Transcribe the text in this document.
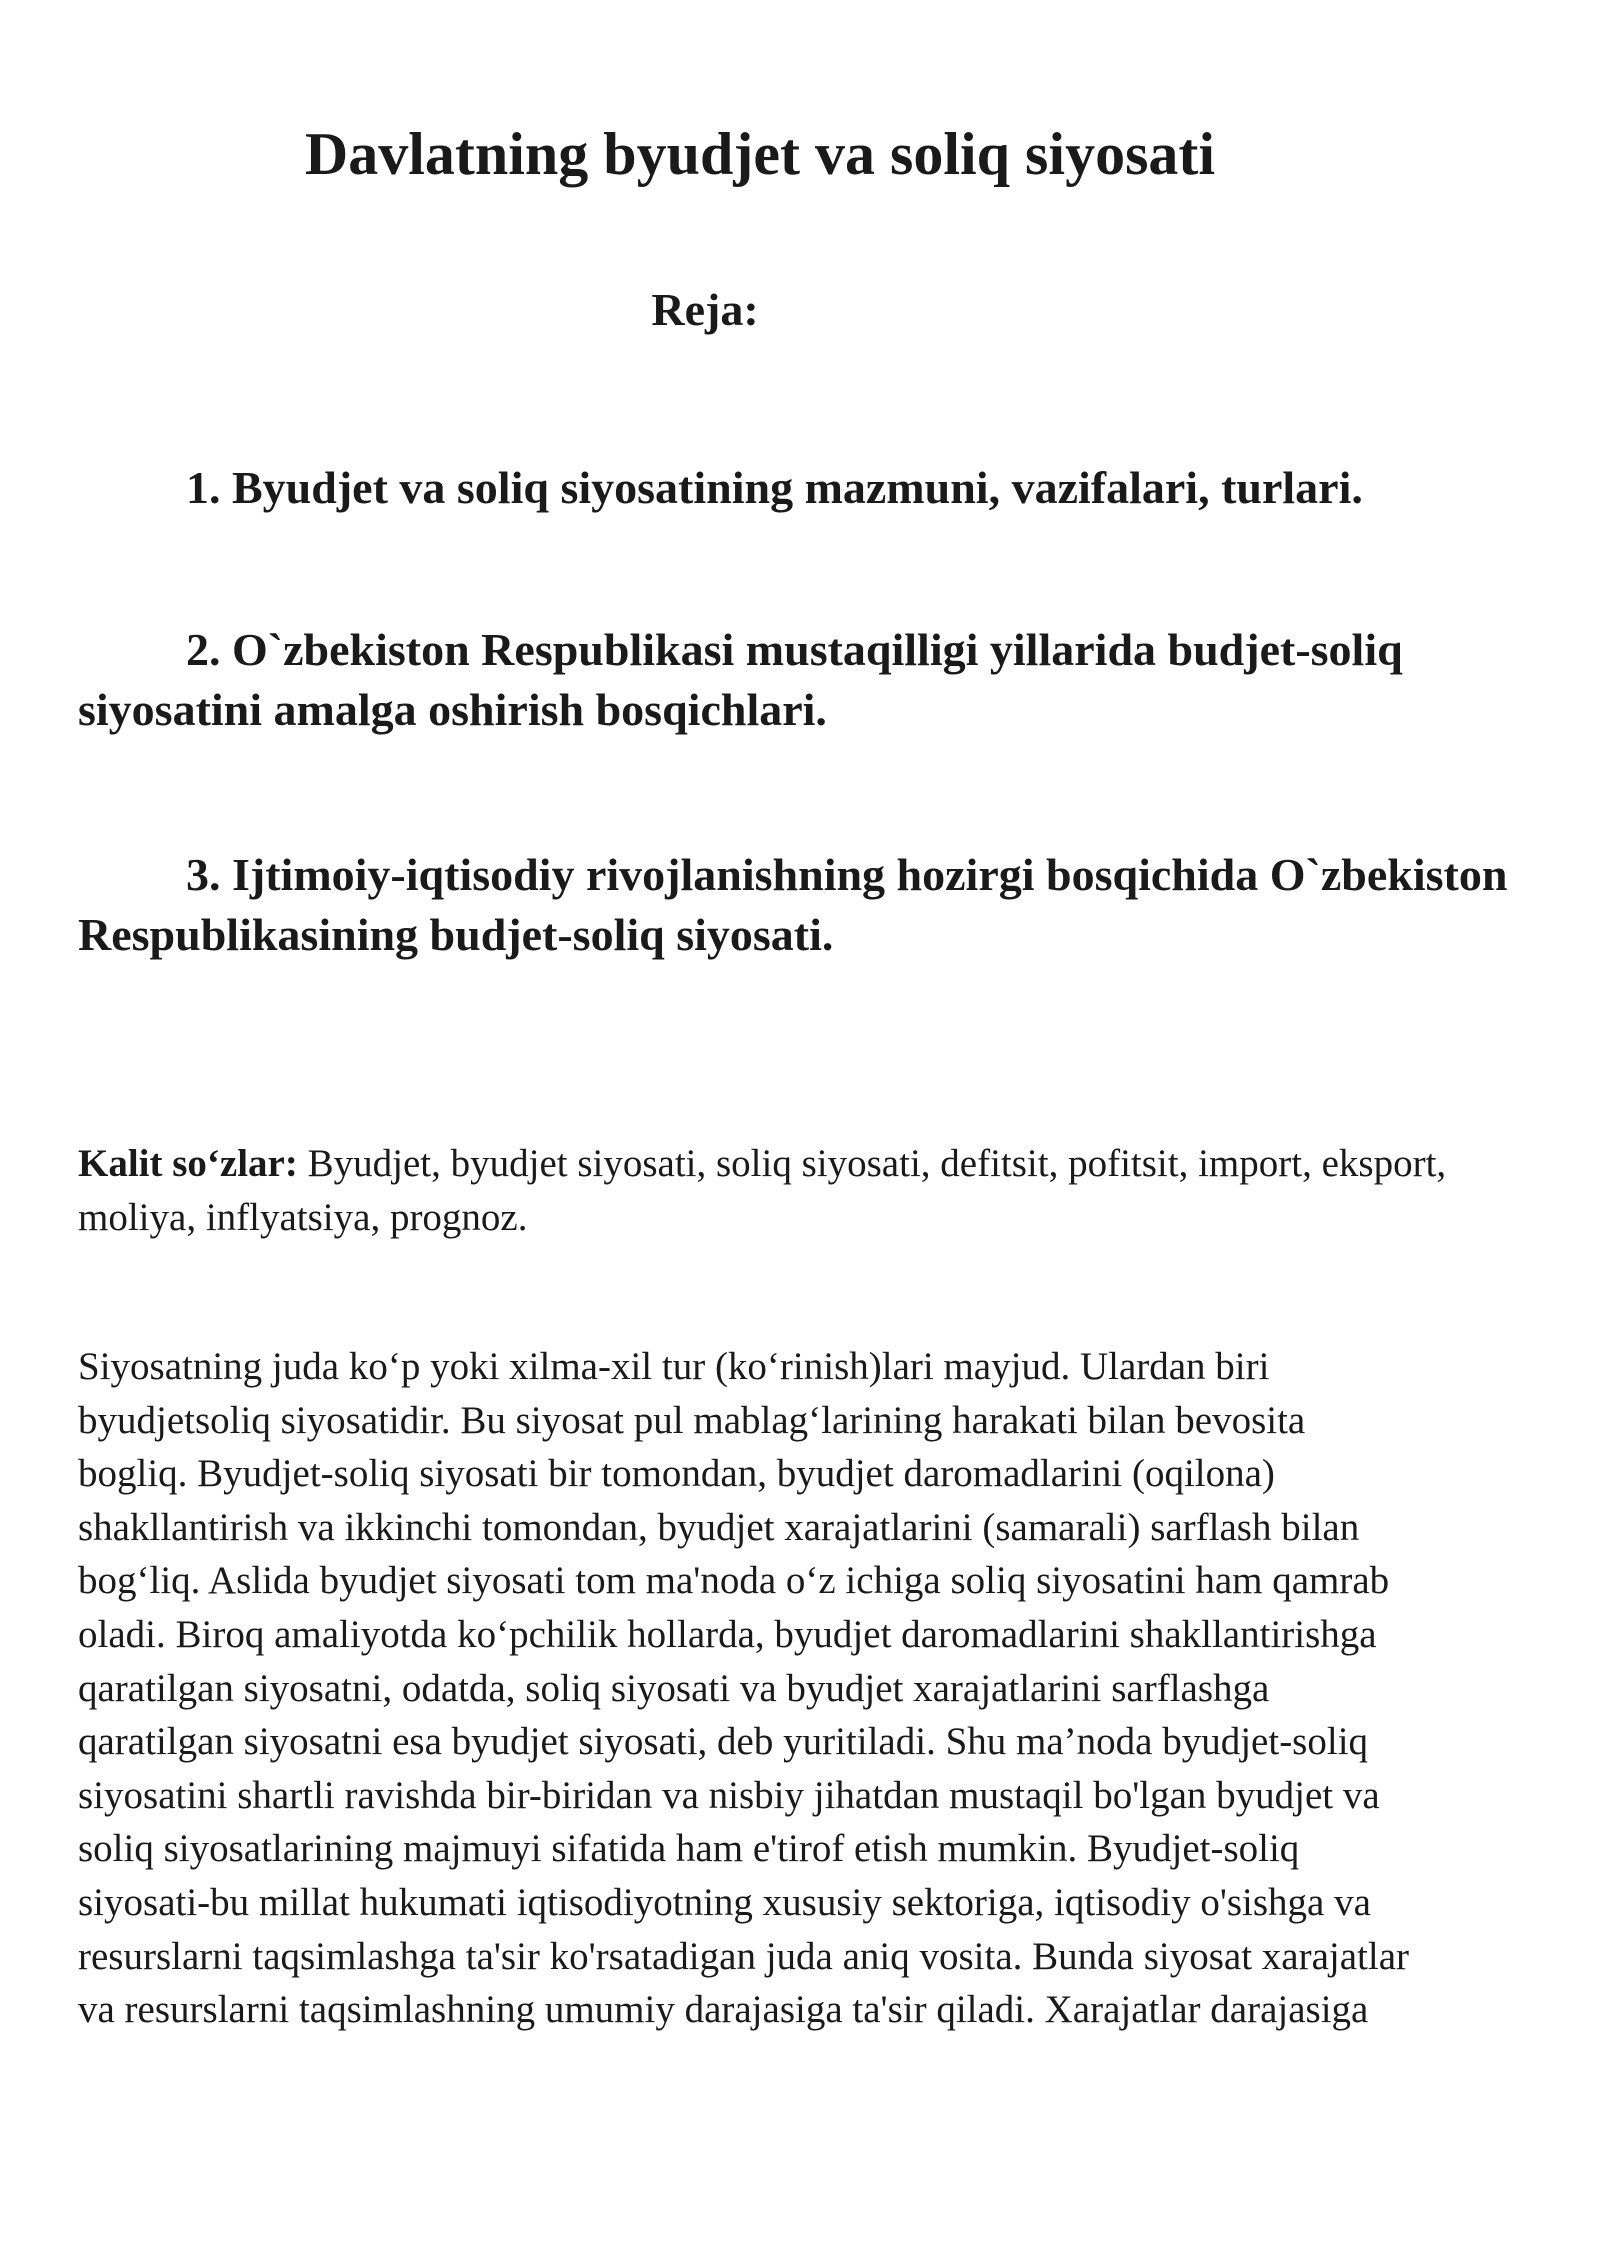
Davlatning byudjet va soliq siyosati
Reja:

1. Byudjet va soliq siyosatining mazmuni, vazifalari, turlari.

2. O`zbekiston Respublikasi mustaqilligi yillarida budjet-soliq siyosatini amalga oshirish bosqichlari.

3. Ijtimoiy-iqtisodiy rivojlanishning hozirgi bosqichida O`zbekiston Respublikasining budjet-soliq siyosati.

Kalit so‘zlar: Byudjet, byudjet siyosati, soliq siyosati, defitsit, pofitsit, import, eksport, moliya, inflyatsiya, prognoz.

Siyosatning juda ko‘p yoki xilma-xil tur (ko‘rinish)lari mayjud. Ulardan biri
byudjetsoliq siyosatidir. Bu siyosat pul mablag‘larining harakati bilan bevosita
bogliq. Byudjet-soliq siyosati bir tomondan, byudjet daromadlarini (oqilona)
shakllantirish va ikkinchi tomondan, byudjet xarajatlarini (samarali) sarflash bilan
bog‘liq. Aslida byudjet siyosati tom ma'noda o‘z ichiga soliq siyosatini ham qamrab
oladi. Biroq amaliyotda ko‘pchilik hollarda, byudjet daromadlarini shakllantirishga
qaratilgan siyosatni, odatda, soliq siyosati va byudjet xarajatlarini sarflashga
qaratilgan siyosatni esa byudjet siyosati, deb yuritiladi. Shu ma’noda byudjet-soliq
siyosatini shartli ravishda bir-biridan va nisbiy jihatdan mustaqil bo'lgan byudjet va
soliq siyosatlarining majmuyi sifatida ham e'tirof etish mumkin. Byudjet-soliq
siyosati-bu millat hukumati iqtisodiyotning xususiy sektoriga, iqtisodiy o'sishga va
resurslarni taqsimlashga ta'sir ko'rsatadigan juda aniq vosita. Bunda siyosat xarajatlar
va resurslarni taqsimlashning umumiy darajasiga ta'sir qiladi. Xarajatlar darajasiga
